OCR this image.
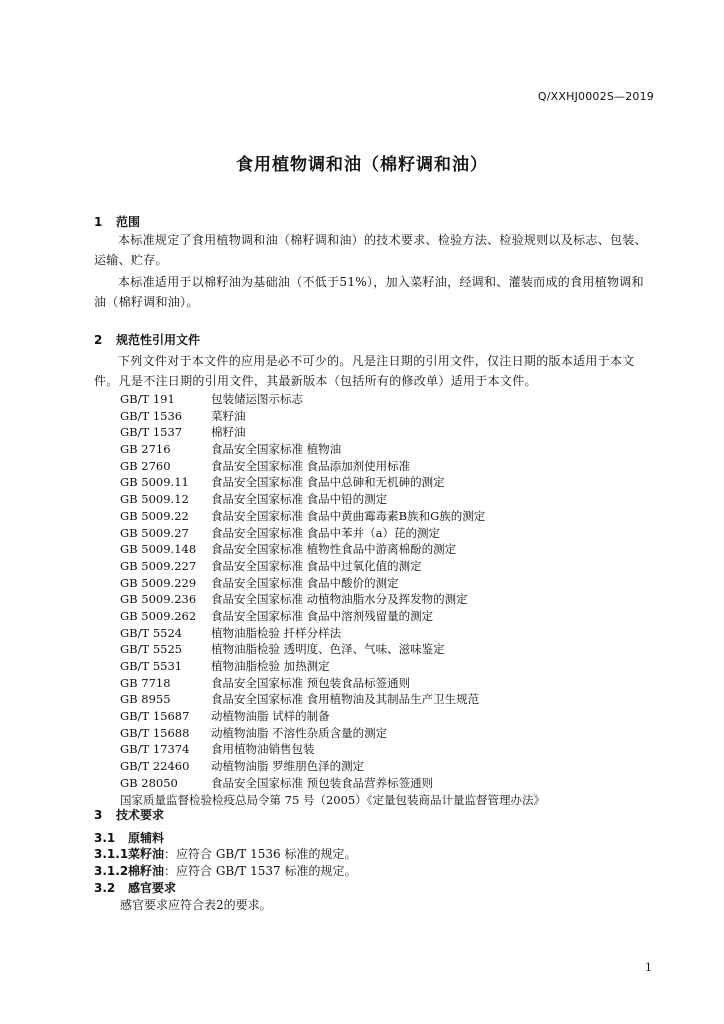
Q/XXHJ0002S—2019
食用植物调和油（棉籽调和油）
1 范围

本标准规定了食用植物调和油（棉籽调和油）的技术要求、检验方法、检验规则以及标志、包装、运输、贮存。

本标准适用于以棉籽油为基础油（不低于51%），加入菜籽油，经调和、灌装而成的食用植物调和油（棉籽调和油）。

2 规范性引用文件

下列文件对于本文件的应用是必不可少的。凡是注日期的引用文件，仅注日期的版本适用于本文件。凡是不注日期的引用文件，其最新版本（包括所有的修改单）适用于本文件。

GB/T 191	包装储运图示标志
GB/T 1536	菜籽油
GB/T 1537	棉籽油
GB 2716	食品安全国家标准 植物油
GB 2760	食品安全国家标准 食品添加剂使用标准
GB 5009.11 食品安全国家标准 食品中总砷和无机砷的测定
GB 5009.12 食品安全国家标准 食品中铅的测定
GB 5009.22 食品安全国家标准 食品中黄曲霉毒素B族和G族的测定
GB 5009.27 食品安全国家标准 食品中苯并（a）芘的测定
GB 5009.148 食品安全国家标准 植物性食品中游离棉酚的测定
GB 5009.227 食品安全国家标准 食品中过氧化值的测定
GB 5009.229 食品安全国家标准 食品中酸价的测定
GB 5009.236 食品安全国家标准 动植物油脂水分及挥发物的测定
GB 5009.262 食品安全国家标准 食品中溶剂残留量的测定
GB/T 5524	植物油脂检验 扦样分样法
GB/T 5525	植物油脂检验 透明度、色泽、气味、滋味鉴定
GB/T 5531	植物油脂检验 加热测定
GB 7718	食品安全国家标准 预包装食品标签通则
GB 8955	食品安全国家标准 食用植物油及其制品生产卫生规范
GB/T 15687 动植物油脂 试样的制备
GB/T 15688 动植物油脂 不溶性杂质含量的测定
GB/T 17374 食用植物油销售包装
GB/T 22460 动植物油脂 罗维朋色泽的测定
GB 28050	食品安全国家标准 预包装食品营养标签通则
国家质量监督检验检疫总局令第 75 号（2005）《定量包装商品计量监督管理办法》
3 技术要求
3.1 原辅料
3.1.1菜籽油：应符合 GB/T 1536 标准的规定。
3.1.2棉籽油：应符合 GB/T 1537 标准的规定。
3.2 感官要求
感官要求应符合表2的要求。
1
